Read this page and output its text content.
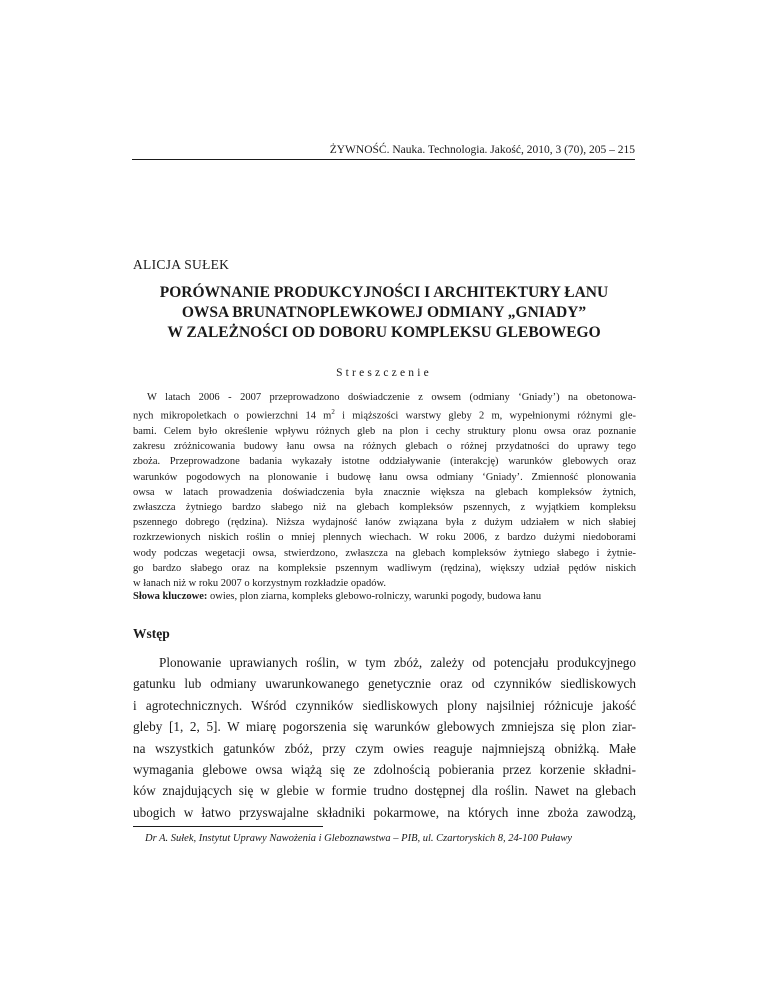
ŻYWNOŚĆ. Nauka. Technologia. Jakość, 2010, 3 (70), 205 – 215
ALICJA SUŁEK
PORÓWNANIE PRODUKCYJNOŚCI I ARCHITEKTURY ŁANU
OWSA BRUNATNOPLEWKOWEJ ODMIANY „GNIADY”
W ZALEŻNOŚCI OD DOBORU KOMPLEKSU GLEBOWEGO
Streszczenie
W latach 2006 - 2007 przeprowadzono doświadczenie z owsem (odmiany ‘Gniady’) na obetonowa-
nych mikropoletkach o powierzchni 14 $m^2$ i miąższości warstwy gleby 2 m, wypełnionymi różnymi gle-
bami. Celem było określenie wpływu różnych gleb na plon i cechy struktury plonu owsa oraz poznanie
zakresu zróżnicowania budowy łanu owsa na różnych glebach o różnej przydatności do uprawy tego
zboża. Przeprowadzone badania wykazały istotne oddziaływanie (interakcję) warunków glebowych oraz
warunków pogodowych na plonowanie i budowę łanu owsa odmiany ‘Gniady’. Zmienność plonowania
owsa w latach prowadzenia doświadczenia była znacznie większa na glebach kompleksów żytnich,
zwłaszcza żytniego bardzo słabego niż na glebach kompleksów pszennych, z wyjątkiem kompleksu
pszennego dobrego (rędzina). Niższa wydajność łanów związana była z dużym udziałem w nich słabiej
rozkrzewionych niskich roślin o mniej plennych wiechach. W roku 2006, z bardzo dużymi niedoborami
wody podczas wegetacji owsa, stwierdzono, zwłaszcza na glebach kompleksów żytniego słabego i żytnie-
go bardzo słabego oraz na kompleksie pszennym wadliwym (rędzina), większy udział pędów niskich
w łanach niż w roku 2007 o korzystnym rozkładzie opadów.
Słowa kluczowe: owies, plon ziarna, kompleks glebowo-rolniczy, warunki pogody, budowa łanu
Wstęp
Plonowanie uprawianych roślin, w tym zbóż, zależy od potencjału produkcyjnego
gatunku lub odmiany uwarunkowanego genetycznie oraz od czynników siedliskowych
i agrotechnicznych. Wśród czynników siedliskowych plony najsilniej różnicuje jakość
gleby [1, 2, 5]. W miarę pogorszenia się warunków glebowych zmniejsza się plon ziar-
na wszystkich gatunków zbóż, przy czym owies reaguje najmniejszą obniżką. Małe
wymagania glebowe owsa wiążą się ze zdolnością pobierania przez korzenie składni-
ków znajdujących się w glebie w formie trudno dostępnej dla roślin. Nawet na glebach
ubogich w łatwo przyswajalne składniki pokarmowe, na których inne zboża zawodzą,
Dr A. Sułek, Instytut Uprawy Nawożenia i Gleboznawstwa – PIB, ul. Czartoryskich 8, 24-100 Puławy
